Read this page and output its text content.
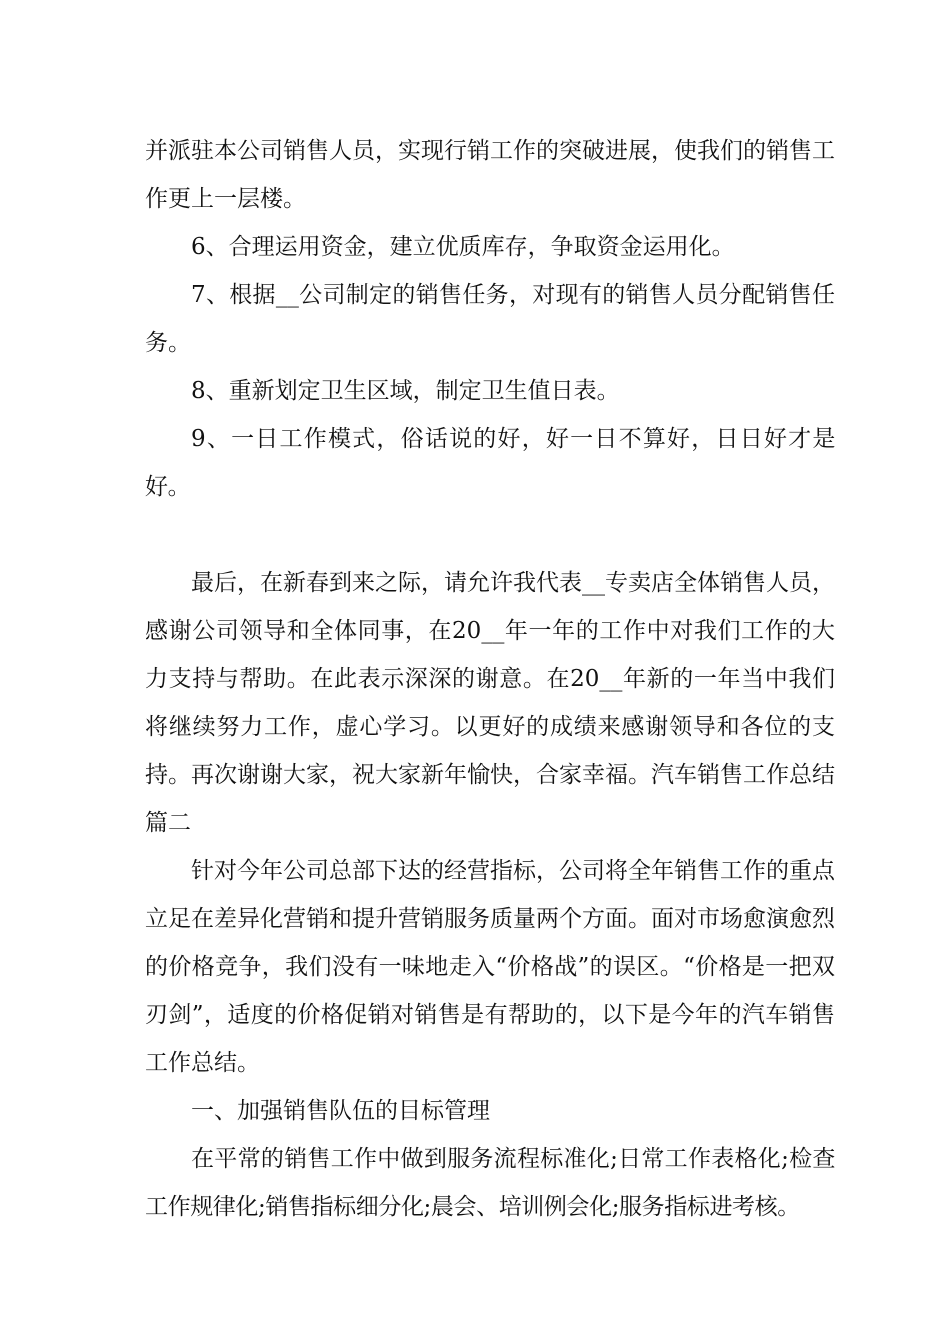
并派驻本公司销售人员，实现行销工作的突破进展，使我们的销售工作更上一层楼。

6、合理运用资金，建立优质库存，争取资金运用化。

7、根据__公司制定的销售任务，对现有的销售人员分配销售任务。

8、重新划定卫生区域，制定卫生值日表。

9、一日工作模式，俗话说的好，好一日不算好，日日好才是好。

最后，在新春到来之际，请允许我代表__专卖店全体销售人员，感谢公司领导和全体同事，在20__年一年的工作中对我们工作的大力支持与帮助。在此表示深深的谢意。在20__年新的一年当中我们将继续努力工作，虚心学习。以更好的成绩来感谢领导和各位的支持。再次谢谢大家，祝大家新年愉快，合家幸福。汽车销售工作总结篇二

针对今年公司总部下达的经营指标，公司将全年销售工作的重点立足在差异化营销和提升营销服务质量两个方面。面对市场愈演愈烈的价格竞争，我们没有一味地走入“价格战”的误区。“价格是一把双刃剑”，适度的价格促销对销售是有帮助的，以下是今年的汽车销售工作总结。

一、加强销售队伍的目标管理

在平常的销售工作中做到服务流程标准化;日常工作表格化;检查工作规律化;销售指标细分化;晨会、培训例会化;服务指标进考核。
